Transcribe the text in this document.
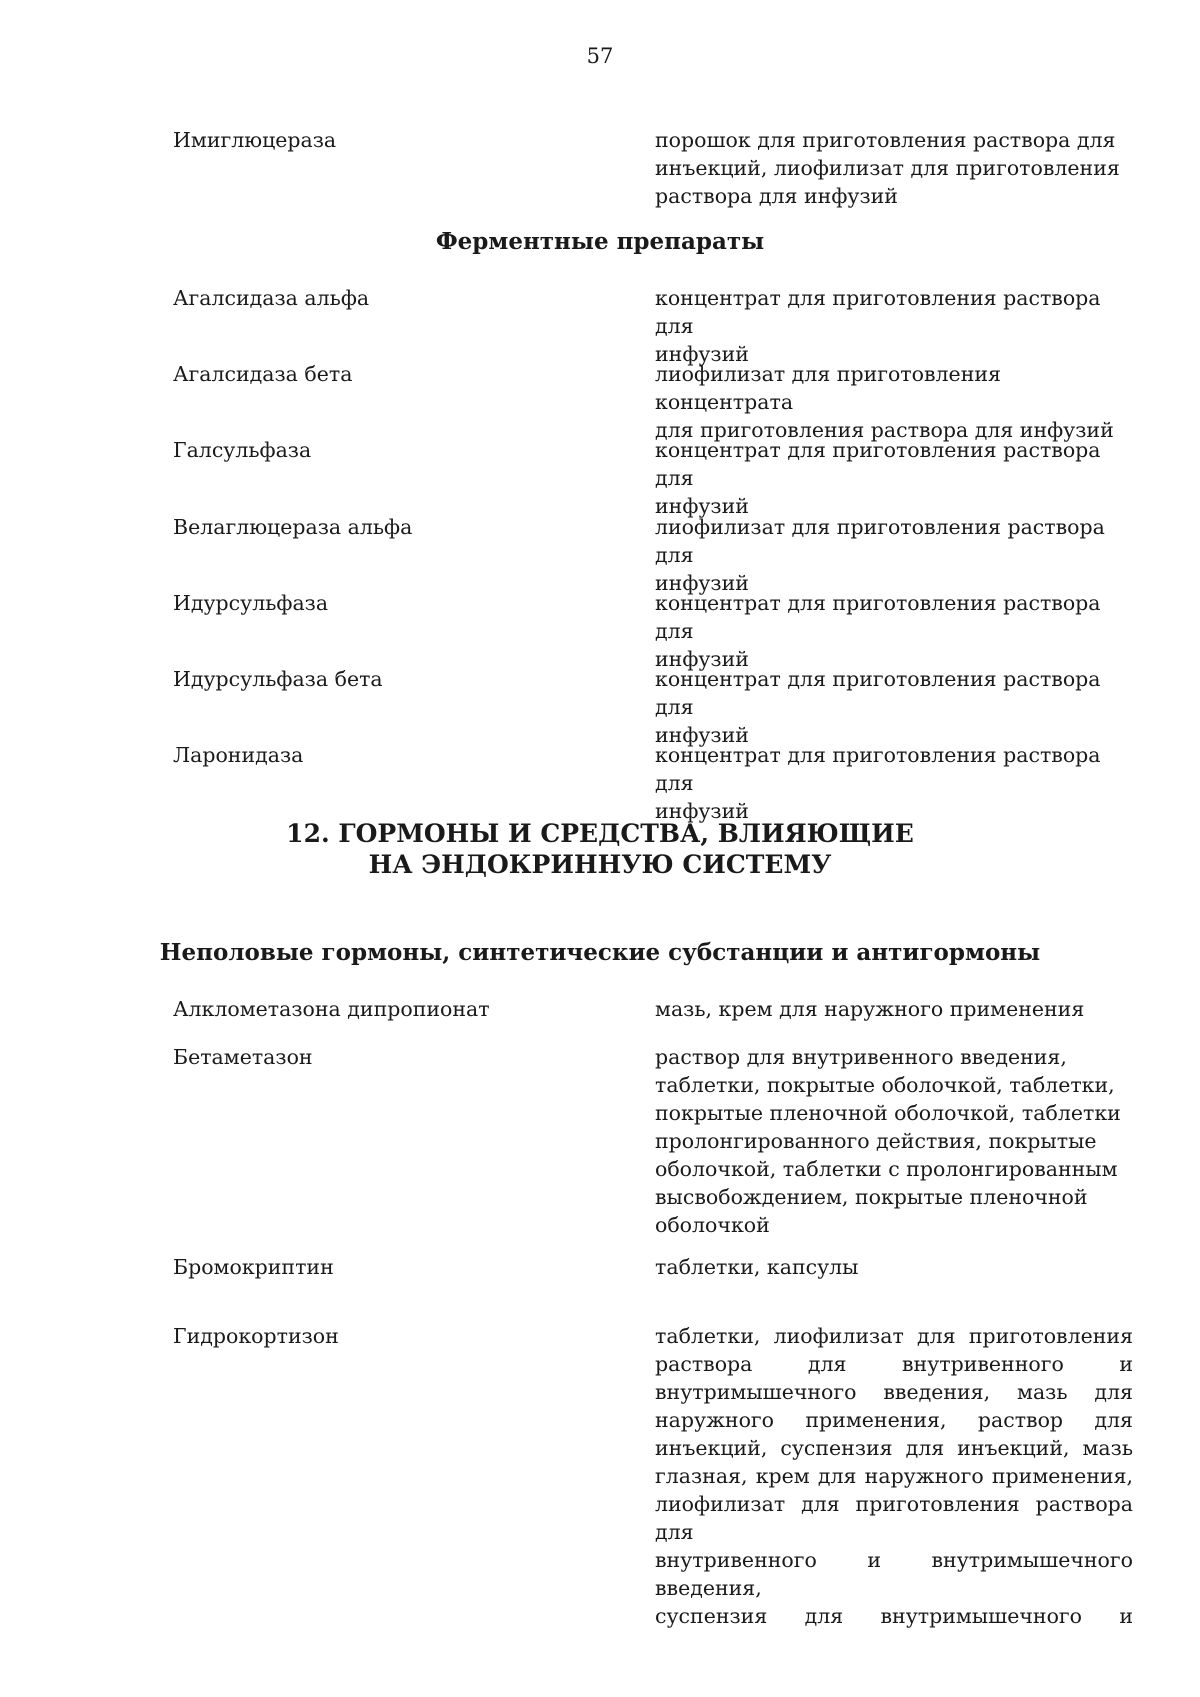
57
Имиглюцераза	порошок для приготовления раствора для
инъекций, лиофилизат для приготовления
раствора для инфузий
Ферментные препараты
Агалсидаза альфа	концентрат для приготовления раствора для
инфузий
Агалсидаза бета	лиофилизат для приготовления концентрата
для приготовления раствора для инфузий
Галсульфаза	концентрат для приготовления раствора для
инфузий
Велаглюцераза альфа	лиофилизат для приготовления раствора для
инфузий
Идурсульфаза	концентрат для приготовления раствора для
инфузий
Идурсульфаза бета	концентрат для приготовления раствора для
инфузий
Ларонидаза	концентрат для приготовления раствора для
инфузий
12. ГОРМОНЫ И СРЕДСТВА, ВЛИЯЮЩИЕ
НА ЭНДОКРИННУЮ СИСТЕМУ
Неполовые гормоны, синтетические субстанции и антигормоны
Алклометазона дипропионат	мазь, крем для наружного применения
Бетаметазон	раствор для внутривенного введения,
таблетки, покрытые оболочкой, таблетки,
покрытые пленочной оболочкой, таблетки
пролонгированного действия, покрытые
оболочкой, таблетки с пролонгированным
высвобождением, покрытые пленочной
оболочкой
Бромокриптин	таблетки, капсулы
Гидрокортизон	таблетки, лиофилизат для приготовления
раствора для внутривенного и
внутримышечного введения, мазь для
наружного применения, раствор для
инъекций, суспензия для инъекций, мазь
глазная, крем для наружного применения,
лиофилизат для приготовления раствора для
внутривенного и внутримышечного введения,
суспензия для внутримышечного и
